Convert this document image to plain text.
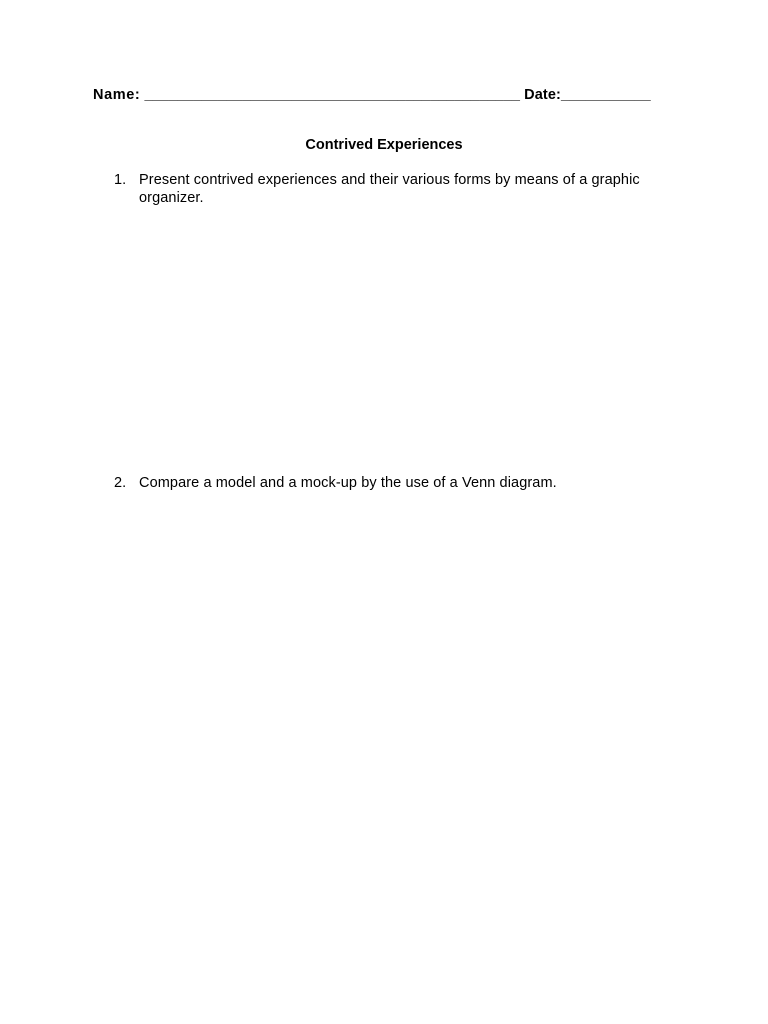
Name: ______________________________________________ Date:___________
Contrived Experiences
1. Present contrived experiences and their various forms by means of a graphic organizer.
2. Compare a model and a mock-up by the use of a Venn diagram.
